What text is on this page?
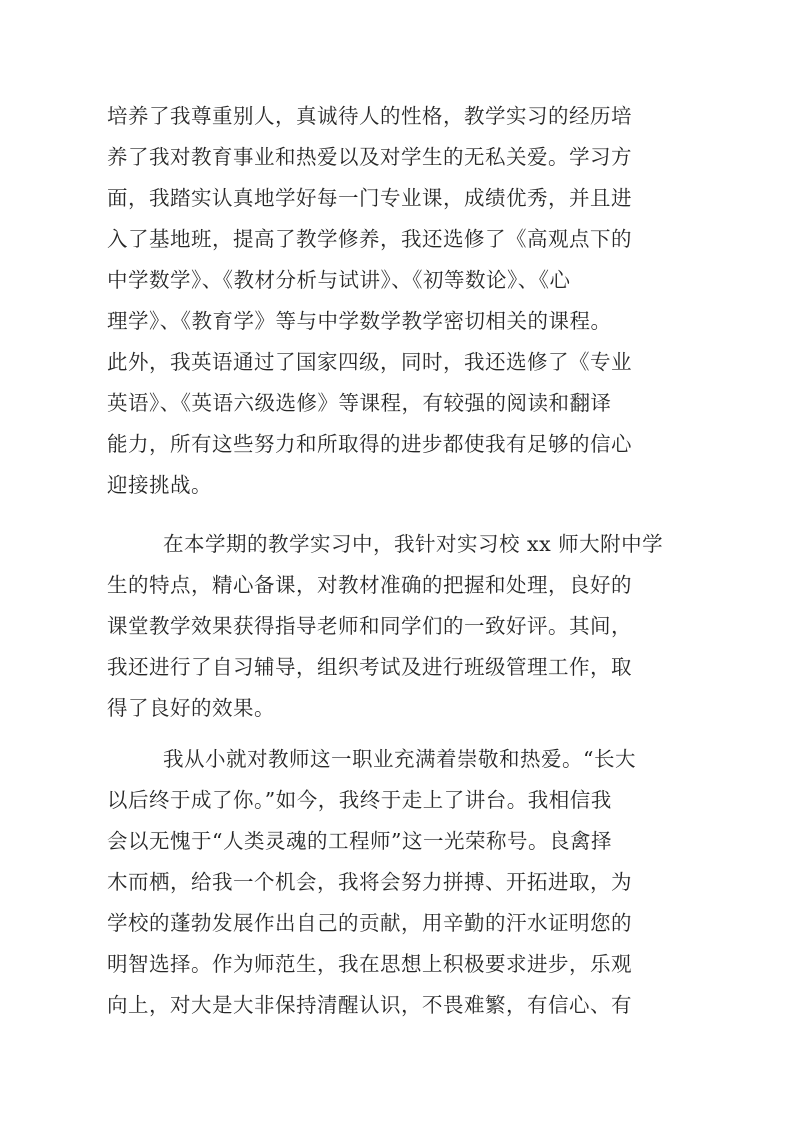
培养了我尊重别人，真诚待人的性格，教学实习的经历培
养了我对教育事业和热爱以及对学生的无私关爱。学习方
面，我踏实认真地学好每一门专业课，成绩优秀，并且进
入了基地班，提高了教学修养，我还选修了《高观点下的
中学数学》、《教材分析与试讲》、《初等数论》、《心
理学》、《教育学》等与中学数学教学密切相关的课程。
此外，我英语通过了国家四级，同时，我还选修了《专业
英语》、《英语六级选修》等课程，有较强的阅读和翻译
能力，所有这些努力和所取得的进步都使我有足够的信心
迎接挑战。
在本学期的教学实习中，我针对实习校 xx 师大附中学
生的特点，精心备课，对教材准确的把握和处理，良好的
课堂教学效果获得指导老师和同学们的一致好评。其间，
我还进行了自习辅导，组织考试及进行班级管理工作，取
得了良好的效果。
我从小就对教师这一职业充满着崇敬和热爱。“长大
以后终于成了你。”如今，我终于走上了讲台。我相信我
会以无愧于“人类灵魂的工程师”这一光荣称号。良禽择
木而栖，给我一个机会，我将会努力拼搏、开拓进取，为
学校的蓬勃发展作出自己的贡献，用辛勤的汗水证明您的
明智选择。作为师范生，我在思想上积极要求进步，乐观
向上，对大是大非保持清醒认识，不畏难繁，有信心、有
